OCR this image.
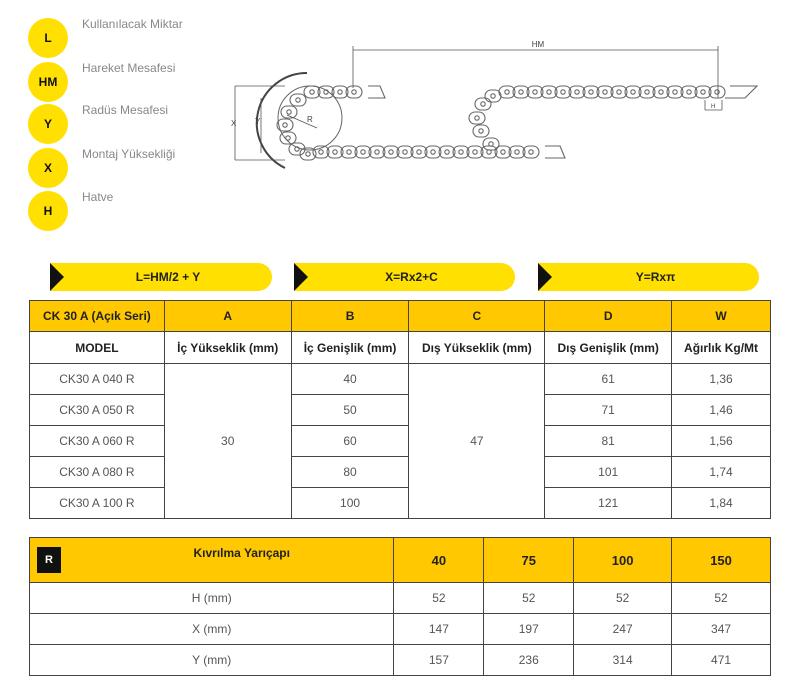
L
Kullanılacak Miktar
HM
Hareket Mesafesi
Y
Radüs Mesafesi
X
Montaj Yüksekliği
H
Hatve
HM
X Y	R
H
L=HM/2 + Y	X=Rx2+C	Y=Rxπ
CK 30 A (Açık Seri)	A	B	C	D	W
MODEL	İç Yükseklik (mm)	İç Genişlik (mm)	Dış Yükseklik (mm)	Dış Genişlik (mm)	Ağırlık Kg/Mt
CK30 A 040 R	30	40	47	61	1,36
CK30 A 050 R		50		71	1,46
CK30 A 060 R		60		81	1,56
CK30 A 080 R		80		101	1,74
CK30 A 100 R		100		121	1,84
R Kıvrılma Yarıçapı	40	75	100	150
H (mm)	52	52	52	52
X (mm)	147	197	247	347
Y (mm)	157	236	314	471
